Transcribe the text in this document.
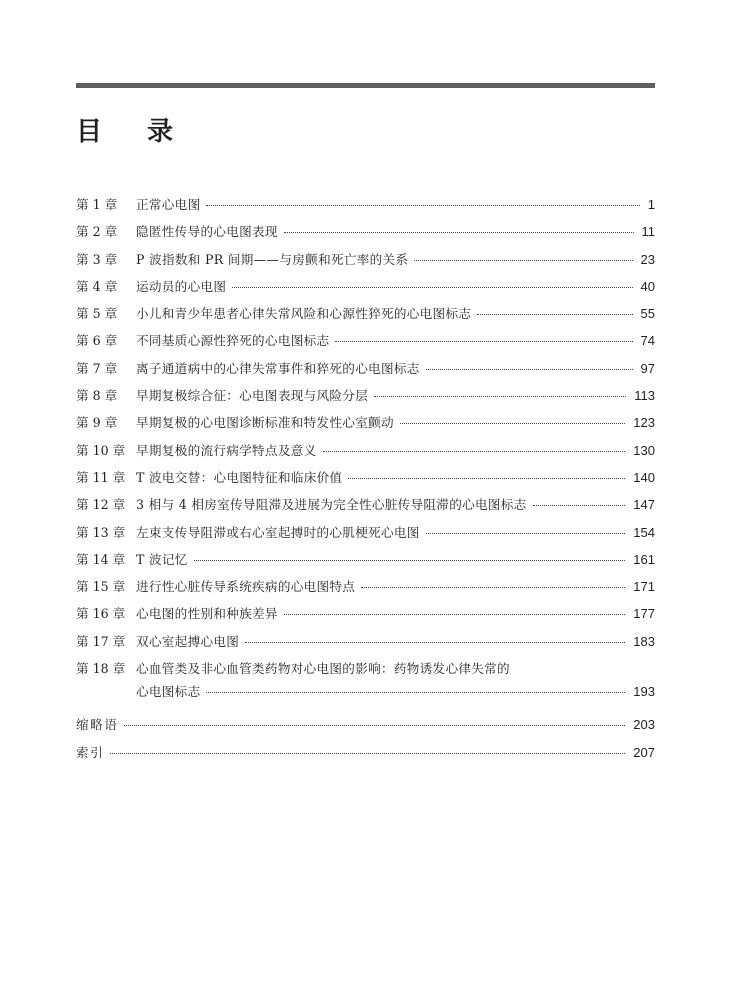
目 录
第 1 章 正常心电图	1
第 2 章 隐匿性传导的心电图表现	11
第 3 章 P 波指数和 PR 间期——与房颤和死亡率的关系	23
第 4 章 运动员的心电图	40
第 5 章 小儿和青少年患者心律失常风险和心源性猝死的心电图标志	55
第 6 章 不同基质心源性猝死的心电图标志	74
第 7 章 离子通道病中的心律失常事件和猝死的心电图标志	97
第 8 章 早期复极综合征：心电图表现与风险分层	113
第 9 章 早期复极的心电图诊断标准和特发性心室颤动	123
第 10 章 早期复极的流行病学特点及意义	130
第 11 章 T 波电交替：心电图特征和临床价值	140
第 12 章 3 相与 4 相房室传导阻滞及进展为完全性心脏传导阻滞的心电图标志	147
第 13 章 左束支传导阻滞或右心室起搏时的心肌梗死心电图	154
第 14 章 T 波记忆	161
第 15 章 进行性心脏传导系统疾病的心电图特点	171
第 16 章 心电图的性别和种族差异	177
第 17 章 双心室起搏心电图	183
第 18 章 心血管类及非心血管类药物对心电图的影响：药物诱发心律失常的
心电图标志	193
缩略语	203
索引	207
